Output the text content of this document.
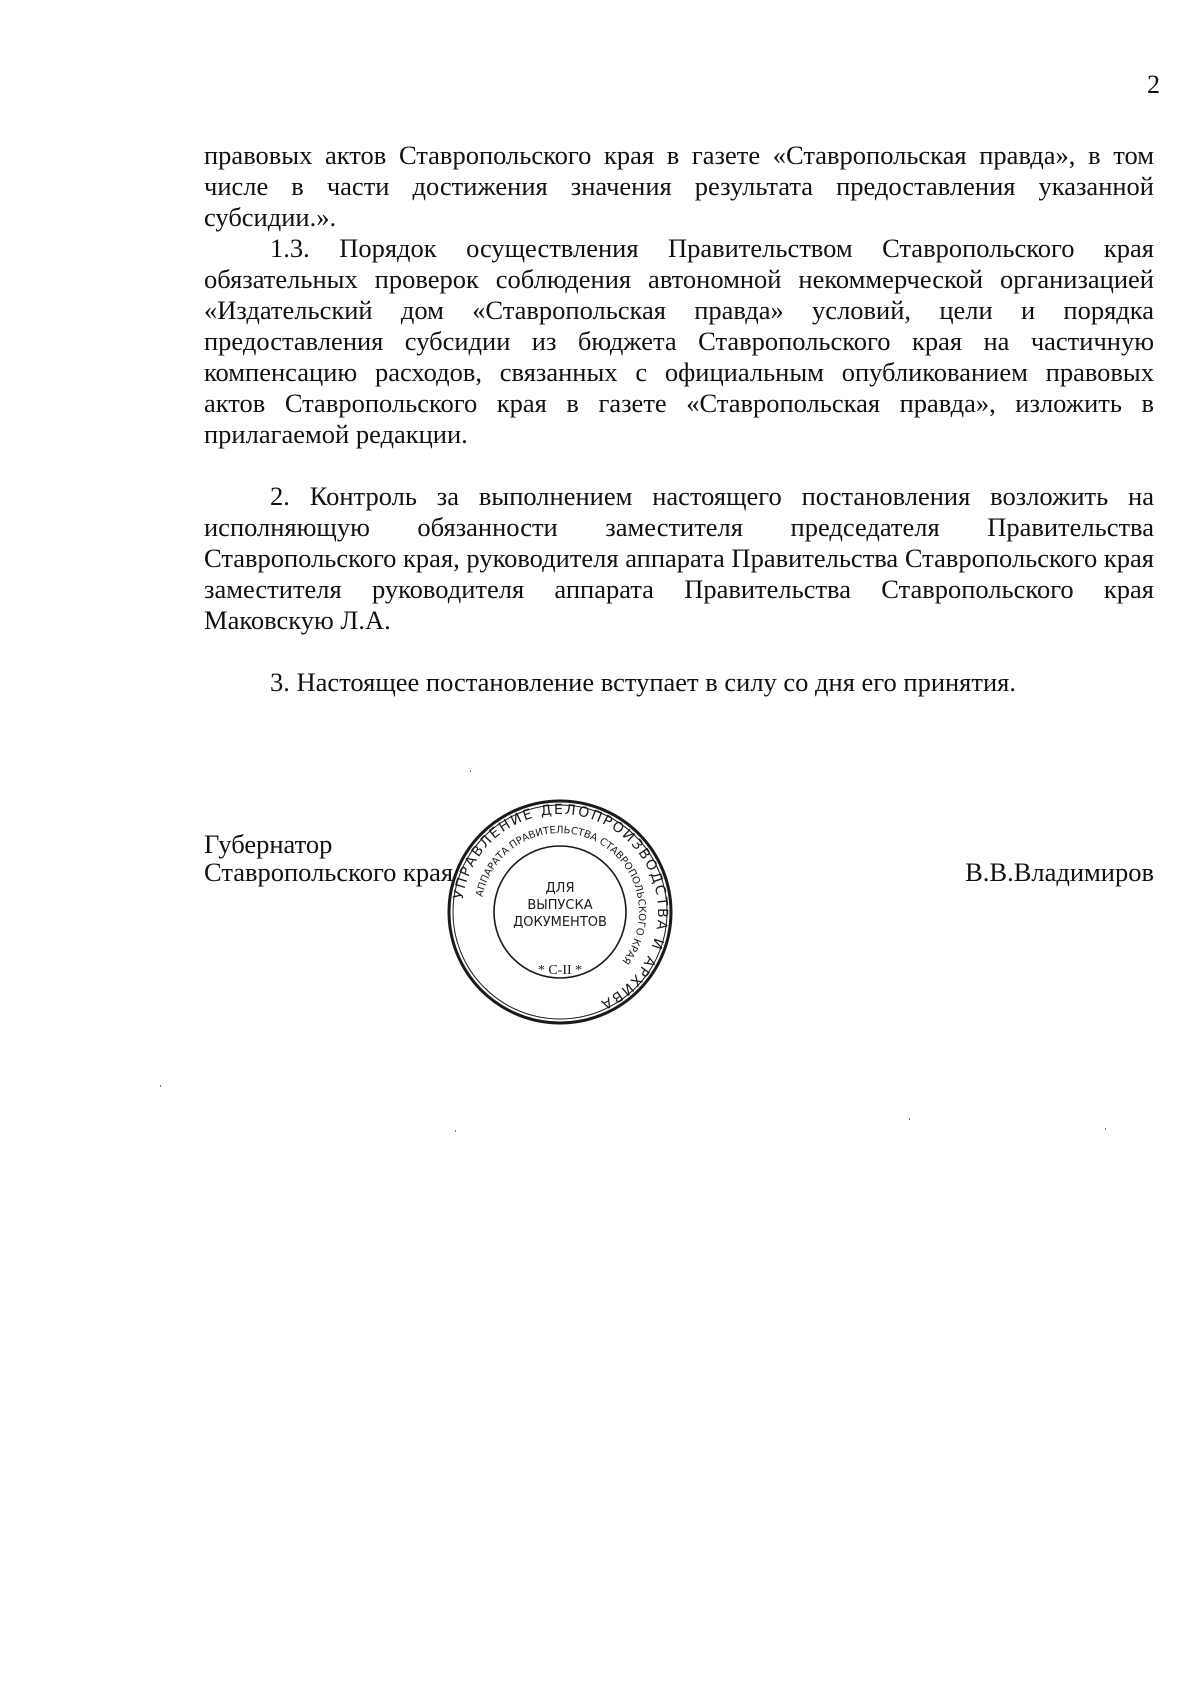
2

правовых актов Ставропольского края в газете «Ставропольская правда», в том числе в части достижения значения результата предоставления указанной субсидии.».

1.3. Порядок осуществления Правительством Ставропольского края обязательных проверок соблюдения автономной некоммерческой организацией «Издательский дом «Ставропольская правда» условий, цели и порядка предоставления субсидии из бюджета Ставропольского края на частичную компенсацию расходов, связанных с официальным опубликованием правовых актов Ставропольского края в газете «Ставропольская правда», изложить в прилагаемой редакции.

2. Контроль за выполнением настоящего постановления возложить на исполняющую обязанности заместителя председателя Правительства Ставропольского края, руководителя аппарата Правительства Ставропольского края заместителя руководителя аппарата Правительства Ставропольского края Маковскую Л.А.

3. Настоящее постановление вступает в силу со дня его принятия.

Губернатор
Ставропольского края	В.В.Владимиров
УПРАВЛЕНИЕ ДЕЛОПРОИЗВОДСТВА И АРХИВА
АППАРАТА ПРАВИТЕЛЬСТВА СТАВРОПОЛЬСКОГО КРАЯ
ДЛЯ
ВЫПУСКА
ДОКУМЕНТОВ
* С-II *
